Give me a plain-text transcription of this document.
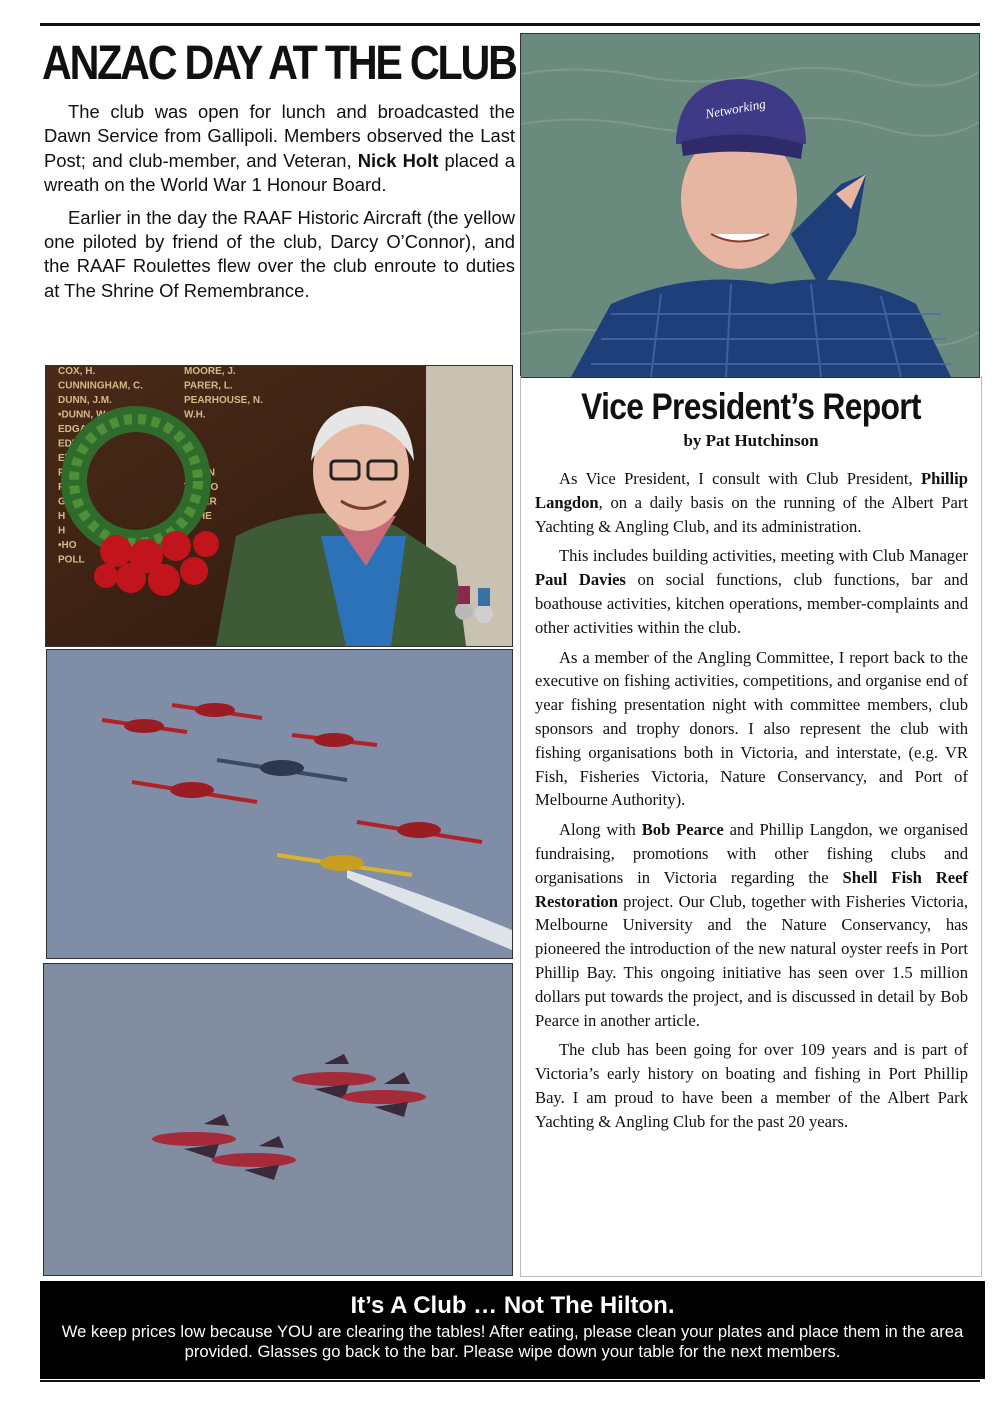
ANZAC DAY AT THE CLUB

The club was open for lunch and broadcasted the Dawn Service from Gallipoli. Members observed the Last Post; and club-member, and Veteran, Nick Holt placed a wreath on the World War 1 Honour Board.

Earlier in the day the RAAF Historic Aircraft (the yellow one piloted by friend of the club, Darcy O’Connor), and the RAAF Roulettes flew over the club enroute to duties at The Shrine Of Remembrance.

COX, H.
CUNNINGHAM, C.
DUNN, J.M.
•DUNN, W.
EDGA
EDW
EV
F T.C.
F
G L.
H
H
•HO
POLL
MOORE, J.
PARER, L.
PEARHOUSE, N.
W.H.
TA
THO
TOBIN
TURTO
TYLER
USHE
Networking
Vice President’s Report
by Pat Hutchinson

As Vice President, I consult with Club President, Phillip Langdon, on a daily basis on the running of the Albert Part Yachting & Angling Club, and its administration.

This includes building activities, meeting with Club Manager Paul Davies on social functions, club functions, bar and boathouse activities, kitchen operations, member-complaints and other activities within the club.

As a member of the Angling Committee, I report back to the executive on fishing activities, competitions, and organise end of year fishing presentation night with committee members, club sponsors and trophy donors. I also represent the club with fishing organisations both in Victoria, and interstate, (e.g. VR Fish, Fisheries Victoria, Nature Conservancy, and Port of Melbourne Authority).

Along with Bob Pearce and Phillip Langdon, we organised fundraising, promotions with other fishing clubs and organisations in Victoria regarding the Shell Fish Reef Restoration project. Our Club, together with Fisheries Victoria, Melbourne University and the Nature Conservancy, has pioneered the introduction of the new natural oyster reefs in Port Phillip Bay. This ongoing initiative has seen over 1.5 million dollars put towards the project, and is discussed in detail by Bob Pearce in another article.

The club has been going for over 109 years and is part of Victoria’s early history on boating and fishing in Port Phillip Bay. I am proud to have been a member of the Albert Park Yachting & Angling Club for the past 20 years.

It’s A Club … Not The Hilton.
We keep prices low because YOU are clearing the tables! After eating, please clean your plates and place them in the area provided. Glasses go back to the bar. Please wipe down your table for the next members.
